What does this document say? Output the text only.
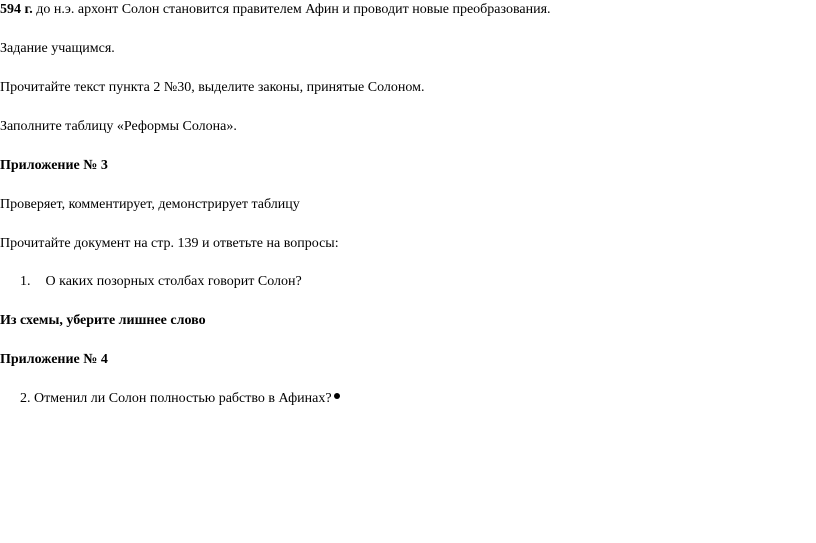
594 г. до н.э. архонт Солон становится правителем Афин и проводит новые преобразования.
Задание учащимся.
Прочитайте текст пункта 2 №30, выделите законы, принятые Солоном.
Заполните таблицу «Реформы Солона».
Приложение № 3
Проверяет, комментирует, демонстрирует таблицу
Прочитайте документ на стр. 139 и ответьте на вопросы:
1. О каких позорных столбах говорит Солон?
Из схемы, уберите лишнее слово
Приложение № 4
2. Отменил ли Солон полностью рабство в Афинах?
